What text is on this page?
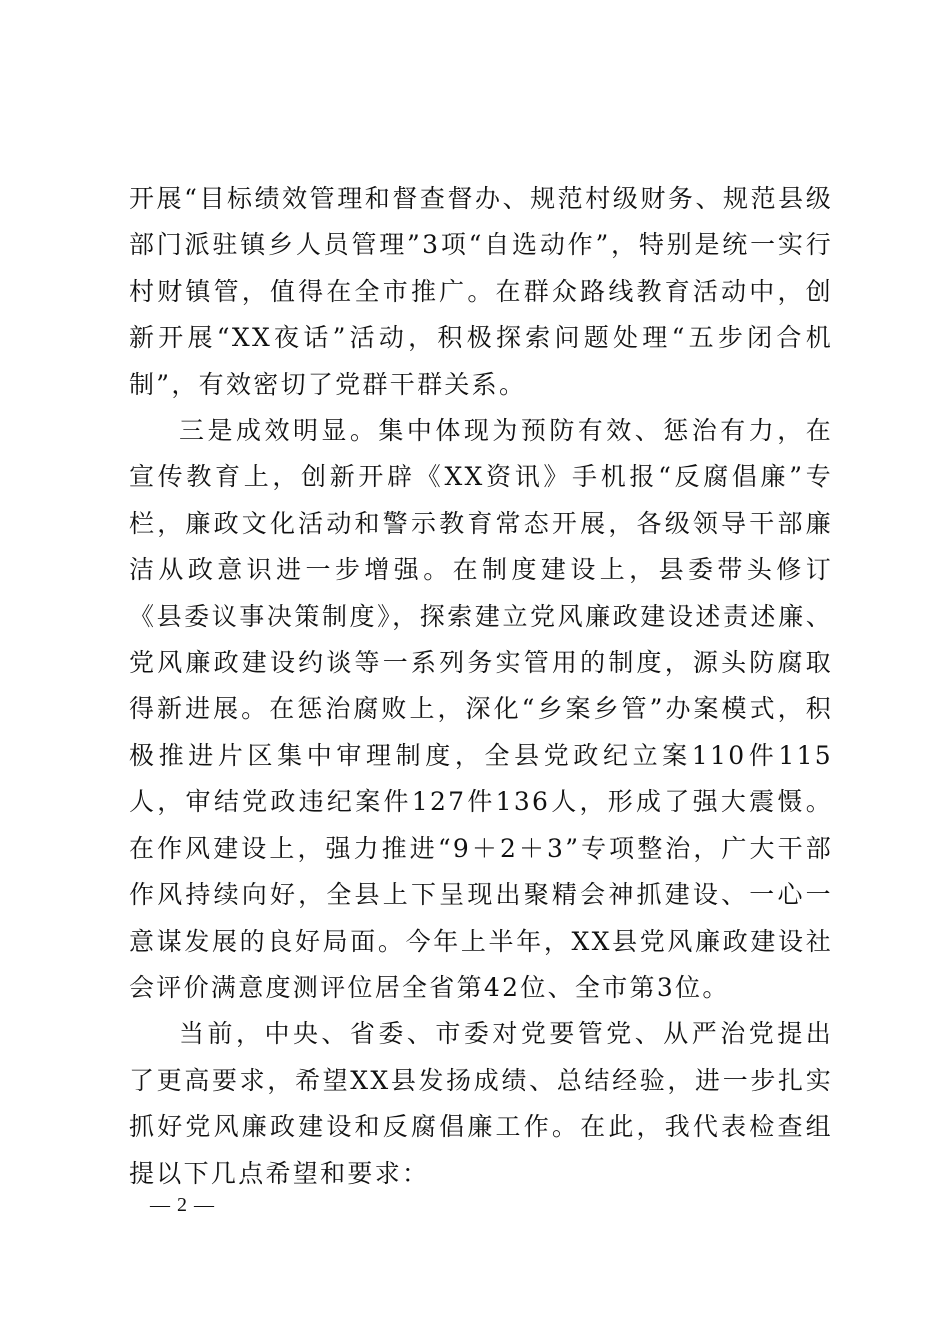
开展“目标绩效管理和督查督办、规范村级财务、规范县级部门派驻镇乡人员管理”3项“自选动作”，特别是统一实行村财镇管，值得在全市推广。在群众路线教育活动中，创新开展“XX夜话”活动，积极探索问题处理“五步闭合机制”，有效密切了党群干群关系。

三是成效明显。集中体现为预防有效、惩治有力，在宣传教育上，创新开辟《XX资讯》手机报“反腐倡廉”专栏，廉政文化活动和警示教育常态开展，各级领导干部廉洁从政意识进一步增强。在制度建设上，县委带头修订《县委议事决策制度》，探索建立党风廉政建设述责述廉、党风廉政建设约谈等一系列务实管用的制度，源头防腐取得新进展。在惩治腐败上，深化“乡案乡管”办案模式，积极推进片区集中审理制度，全县党政纪立案110件115人，审结党政违纪案件127件136人，形成了强大震慑。在作风建设上，强力推进“9＋2＋3”专项整治，广大干部作风持续向好，全县上下呈现出聚精会神抓建设、一心一意谋发展的良好局面。今年上半年，XX县党风廉政建设社会评价满意度测评位居全省第42位、全市第3位。

当前，中央、省委、市委对党要管党、从严治党提出了更高要求，希望XX县发扬成绩、总结经验，进一步扎实抓好党风廉政建设和反腐倡廉工作。在此，我代表检查组提以下几点希望和要求：

— 2 —
